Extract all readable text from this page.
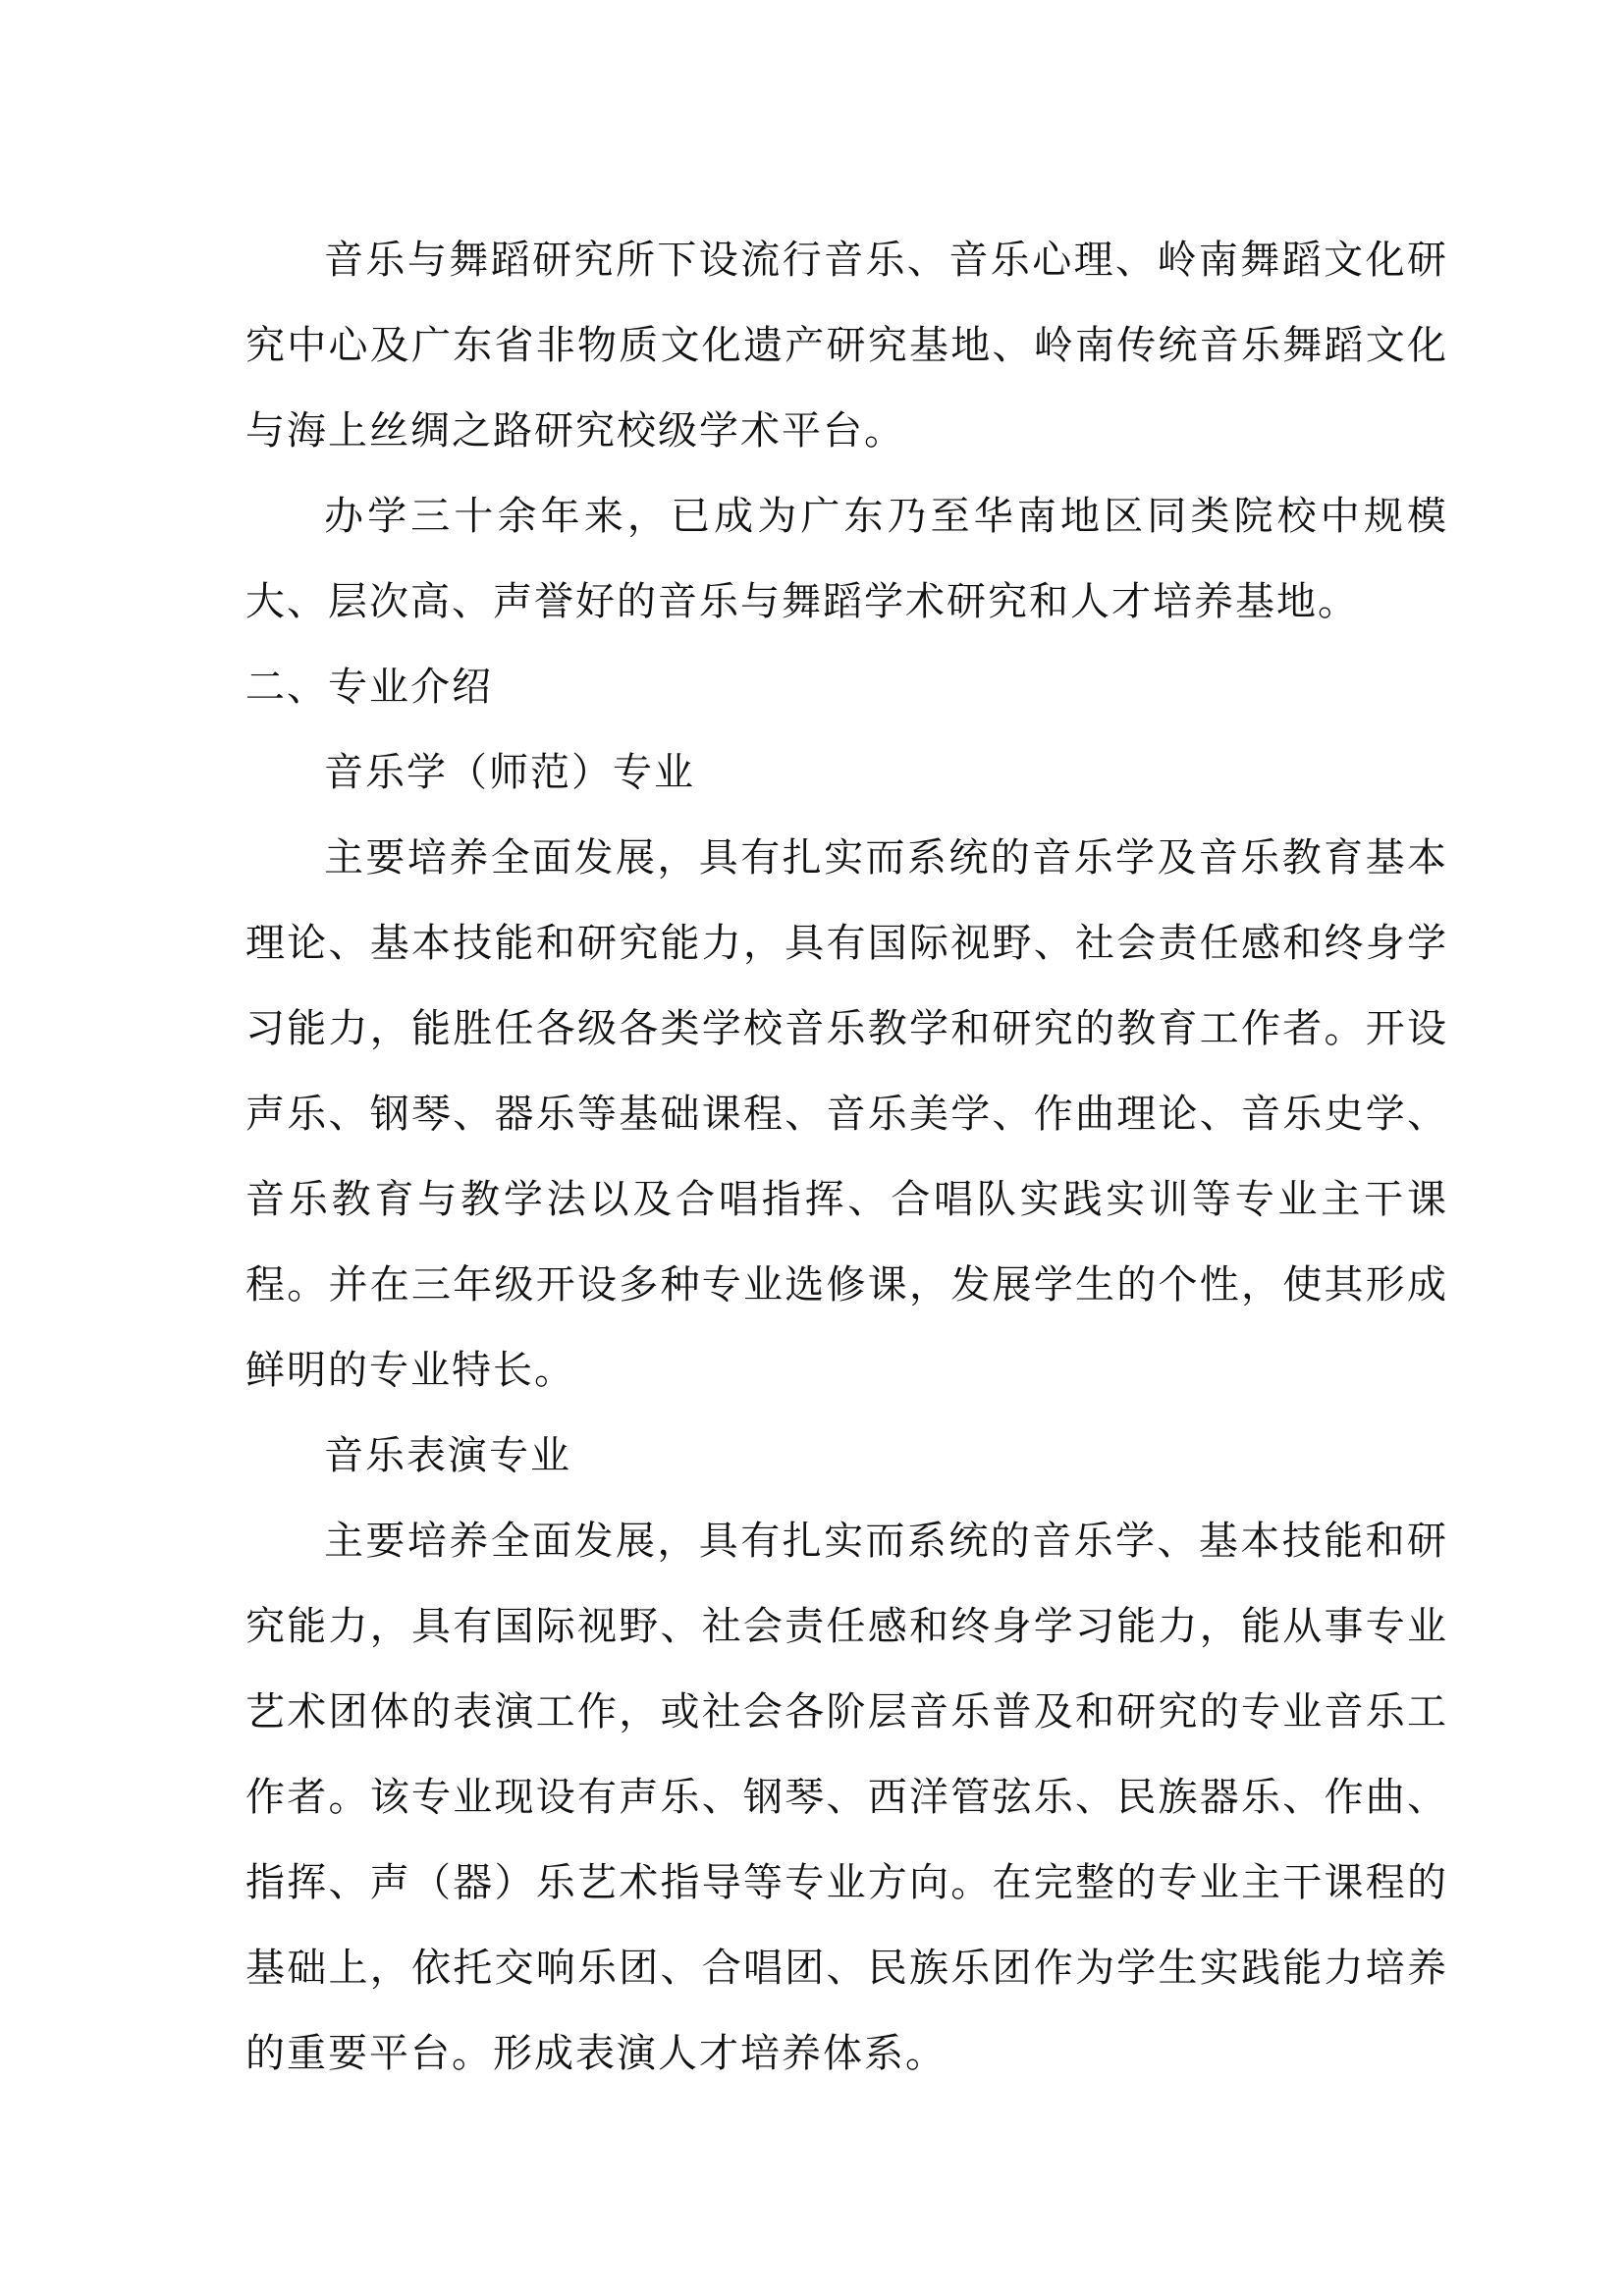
音乐与舞蹈研究所下设流行音乐、音乐心理、岭南舞蹈文化研究中心及广东省非物质文化遗产研究基地、岭南传统音乐舞蹈文化与海上丝绸之路研究校级学术平台。

办学三十余年来，已成为广东乃至华南地区同类院校中规模大、层次高、声誉好的音乐与舞蹈学术研究和人才培养基地。

二、专业介绍

音乐学（师范）专业

主要培养全面发展，具有扎实而系统的音乐学及音乐教育基本理论、基本技能和研究能力，具有国际视野、社会责任感和终身学习能力，能胜任各级各类学校音乐教学和研究的教育工作者。开设声乐、钢琴、器乐等基础课程、音乐美学、作曲理论、音乐史学、音乐教育与教学法以及合唱指挥、合唱队实践实训等专业主干课程。并在三年级开设多种专业选修课，发展学生的个性，使其形成鲜明的专业特长。

音乐表演专业

主要培养全面发展，具有扎实而系统的音乐学、基本技能和研究能力，具有国际视野、社会责任感和终身学习能力，能从事专业艺术团体的表演工作，或社会各阶层音乐普及和研究的专业音乐工作者。该专业现设有声乐、钢琴、西洋管弦乐、民族器乐、作曲、指挥、声（器）乐艺术指导等专业方向。在完整的专业主干课程的基础上，依托交响乐团、合唱团、民族乐团作为学生实践能力培养的重要平台。形成表演人才培养体系。
